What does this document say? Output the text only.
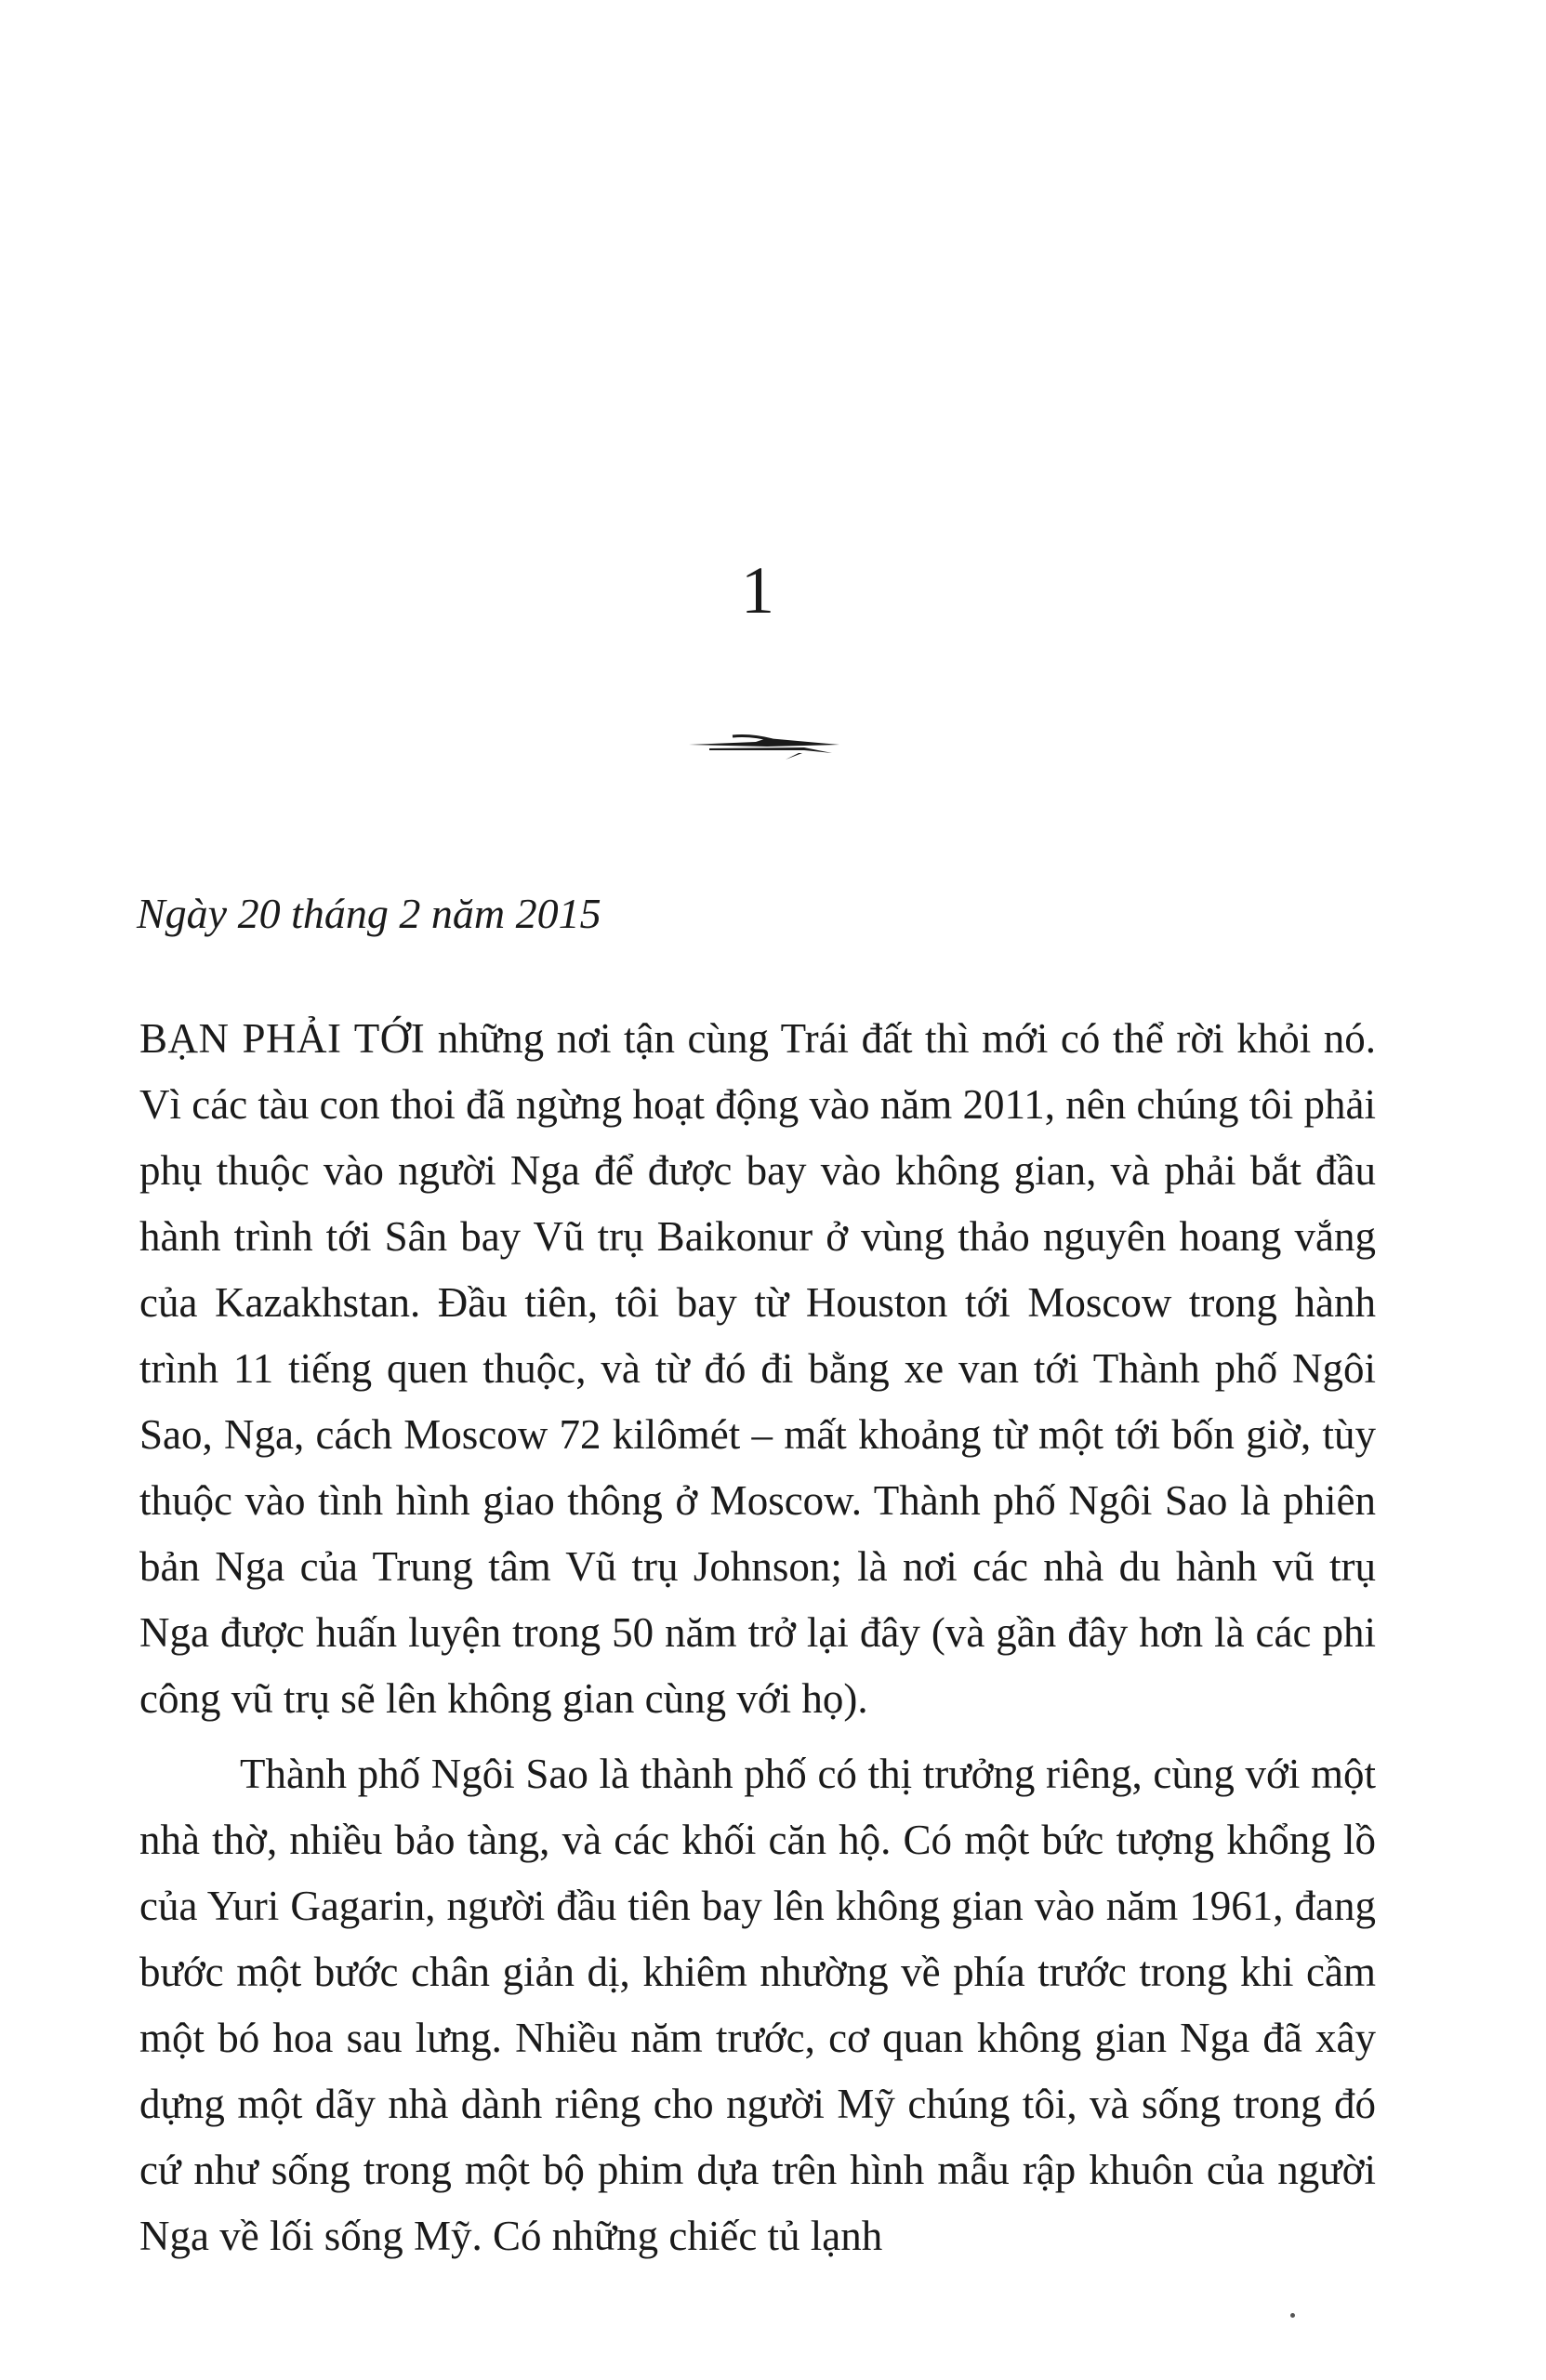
1
Ngày 20 tháng 2 năm 2015

BẠN PHẢI TỚI những nơi tận cùng Trái đất thì mới có thể rời khỏi nó. Vì các tàu con thoi đã ngừng hoạt động vào năm 2011, nên chúng tôi phải phụ thuộc vào người Nga để được bay vào không gian, và phải bắt đầu hành trình tới Sân bay Vũ trụ Baikonur ở vùng thảo nguyên hoang vắng của Kazakhstan. Đầu tiên, tôi bay từ Houston tới Moscow trong hành trình 11 tiếng quen thuộc, và từ đó đi bằng xe van tới Thành phố Ngôi Sao, Nga, cách Moscow 72 kilômét – mất khoảng từ một tới bốn giờ, tùy thuộc vào tình hình giao thông ở Moscow. Thành phố Ngôi Sao là phiên bản Nga của Trung tâm Vũ trụ Johnson; là nơi các nhà du hành vũ trụ Nga được huấn luyện trong 50 năm trở lại đây (và gần đây hơn là các phi công vũ trụ sẽ lên không gian cùng với họ).

Thành phố Ngôi Sao là thành phố có thị trưởng riêng, cùng với một nhà thờ, nhiều bảo tàng, và các khối căn hộ. Có một bức tượng khổng lồ của Yuri Gagarin, người đầu tiên bay lên không gian vào năm 1961, đang bước một bước chân giản dị, khiêm nhường về phía trước trong khi cầm một bó hoa sau lưng. Nhiều năm trước, cơ quan không gian Nga đã xây dựng một dãy nhà dành riêng cho người Mỹ chúng tôi, và sống trong đó cứ như sống trong một bộ phim dựa trên hình mẫu rập khuôn của người Nga về lối sống Mỹ. Có những chiếc tủ lạnh
